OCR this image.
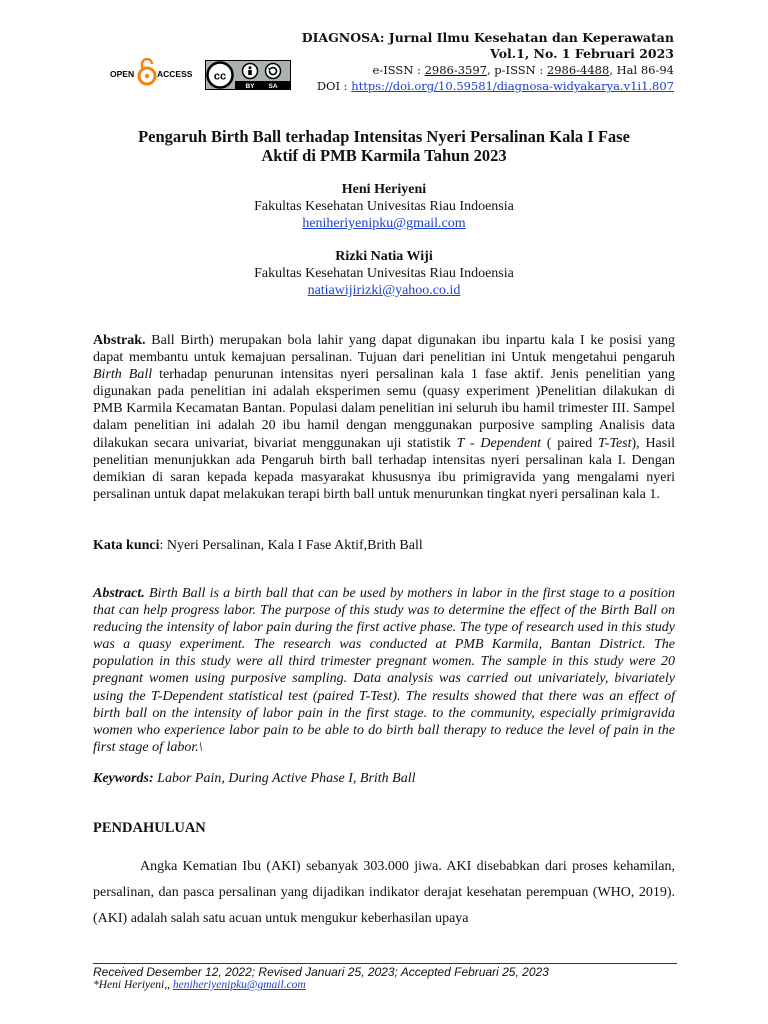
OPEN	ACCESS cc
BY SA
DIAGNOSA: Jurnal Ilmu Kesehatan dan Keperawatan
Vol.1, No. 1 Februari 2023
e-ISSN : 2986-3597, p-ISSN : 2986-4488, Hal 86-94
DOI : https://doi.org/10.59581/diagnosa-widyakarya.v1i1.807
Pengaruh Birth Ball terhadap Intensitas Nyeri Persalinan Kala I Fase
Aktif di PMB Karmila Tahun 2023
Heni Heriyeni
Fakultas Kesehatan Univesitas Riau Indoensia
heniheriyenipku@gmail.com
Rizki Natia Wiji
Fakultas Kesehatan Univesitas Riau Indoensia
natiawijirizki@yahoo.co.id
Abstrak. Ball Birth) merupakan bola lahir yang dapat digunakan ibu inpartu kala I ke posisi yang dapat membantu untuk kemajuan persalinan. Tujuan dari penelitian ini Untuk mengetahui pengaruh Birth Ball terhadap penurunan intensitas nyeri persalinan kala 1 fase aktif. Jenis penelitian yang digunakan pada penelitian ini adalah eksperimen semu (quasy experiment )Penelitian dilakukan di PMB Karmila Kecamatan Bantan. Populasi dalam penelitian ini seluruh ibu hamil trimester III. Sampel dalam penelitian ini adalah 20 ibu hamil dengan menggunakan purposive sampling Analisis data dilakukan secara univariat, bivariat menggunakan uji statistik T - Dependent ( paired T-Test), Hasil penelitian menunjukkan ada Pengaruh birth ball terhadap intensitas nyeri persalinan kala I. Dengan demikian di saran kepada kepada masyarakat khususnya ibu primigravida yang mengalami nyeri persalinan untuk dapat melakukan terapi birth ball untuk menurunkan tingkat nyeri persalinan kala 1.
Kata kunci: Nyeri Persalinan, Kala I Fase Aktif,Brith Ball
Abstract. Birth Ball is a birth ball that can be used by mothers in labor in the first stage to a position that can help progress labor. The purpose of this study was to determine the effect of the Birth Ball on reducing the intensity of labor pain during the first active phase. The type of research used in this study was a quasy experiment. The research was conducted at PMB Karmila, Bantan District. The population in this study were all third trimester pregnant women. The sample in this study were 20 pregnant women using purposive sampling. Data analysis was carried out univariately, bivariately using the T-Dependent statistical test (paired T-Test). The results showed that there was an effect of birth ball on the intensity of labor pain in the first stage. to the community, especially primigravida women who experience labor pain to be able to do birth ball therapy to reduce the level of pain in the first stage of labor.\
Keywords: Labor Pain, During Active Phase I, Brith Ball
PENDAHULUAN
Angka Kematian Ibu (AKI) sebanyak 303.000 jiwa. AKI disebabkan dari proses kehamilan, persalinan, dan pasca persalinan yang dijadikan indikator derajat kesehatan perempuan (WHO, 2019). (AKI) adalah salah satu acuan untuk mengukur keberhasilan upaya
Received Desember 12, 2022; Revised Januari 25, 2023; Accepted Februari 25, 2023
*Heni Heriyeni,, heniheriyenipku@gmail.com
